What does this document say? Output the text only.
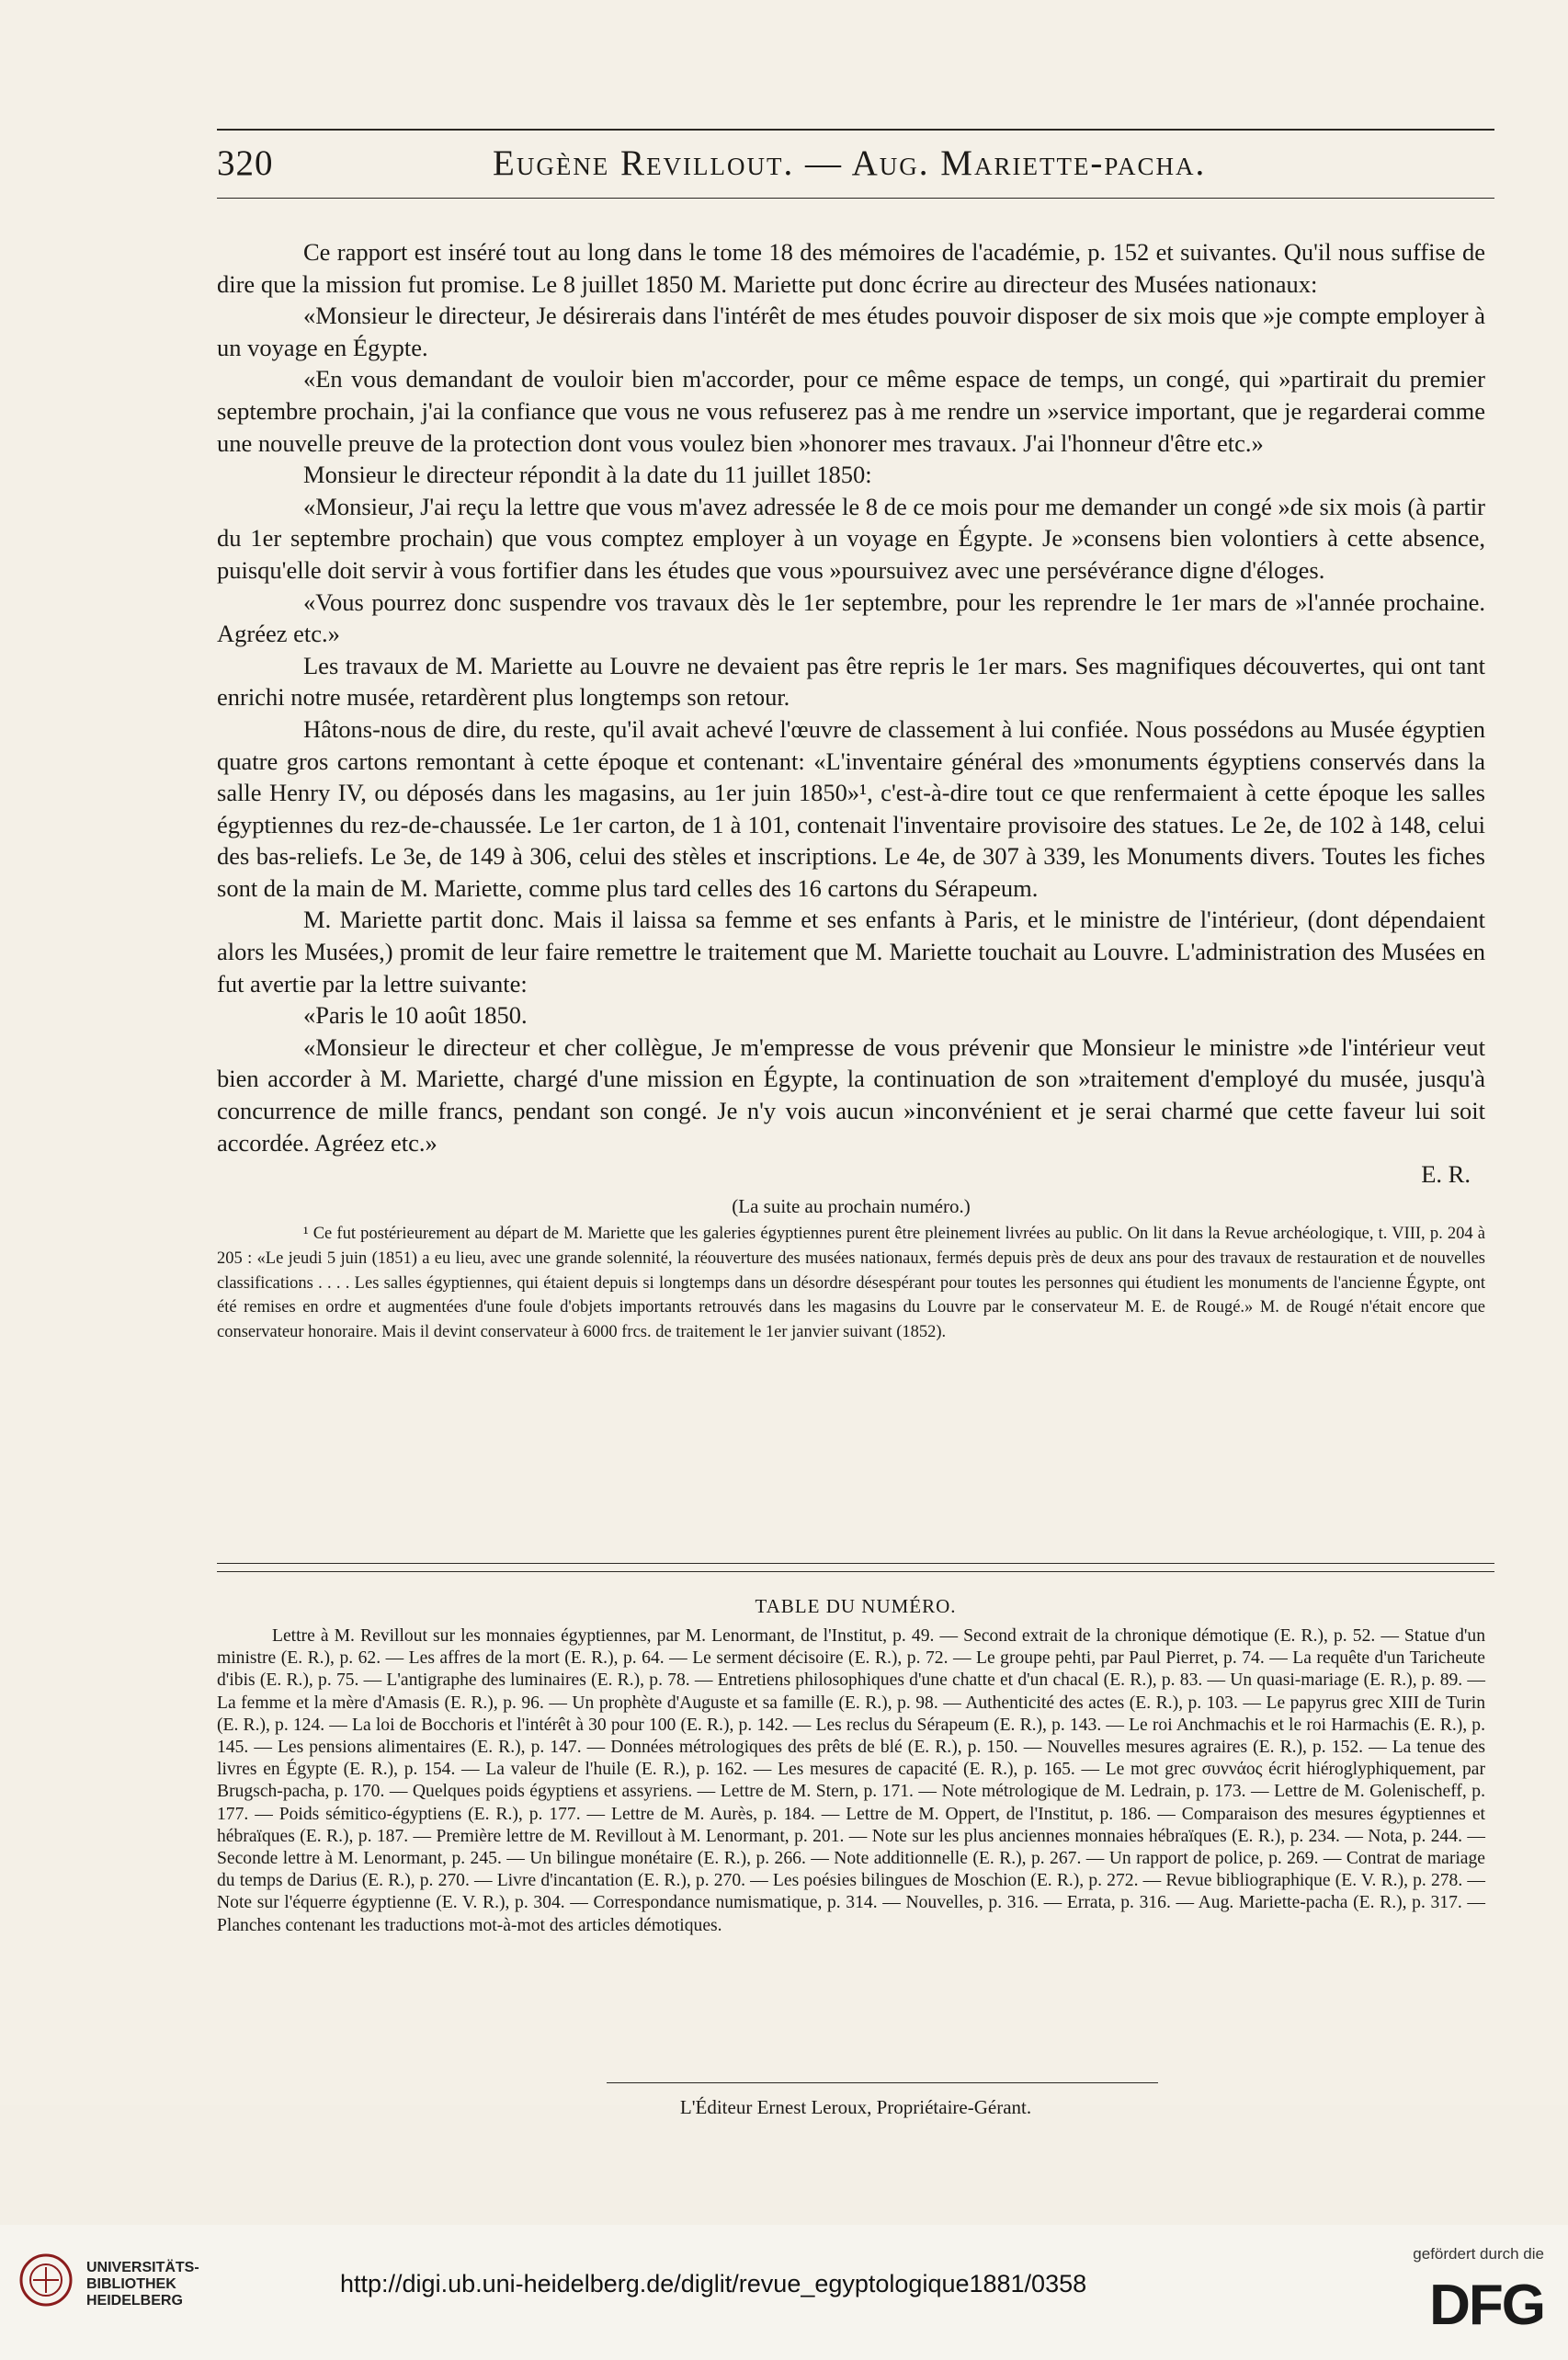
320	Eugène Revillout. — Aug. Mariette-pacha.

Ce rapport est inséré tout au long dans le tome 18 des mémoires de l'académie, p. 152 et suivantes. Qu'il nous suffise de dire que la mission fut promise. Le 8 juillet 1850 M. Mariette put donc écrire au directeur des Musées nationaux:

«Monsieur le directeur, Je désirerais dans l'intérêt de mes études pouvoir disposer de six mois que »je compte employer à un voyage en Égypte.

«En vous demandant de vouloir bien m'accorder, pour ce même espace de temps, un congé, qui »partirait du premier septembre prochain, j'ai la confiance que vous ne vous refuserez pas à me rendre un »service important, que je regarderai comme une nouvelle preuve de la protection dont vous voulez bien »honorer mes travaux. J'ai l'honneur d'être etc.»

Monsieur le directeur répondit à la date du 11 juillet 1850:

«Monsieur, J'ai reçu la lettre que vous m'avez adressée le 8 de ce mois pour me demander un congé »de six mois (à partir du 1er septembre prochain) que vous comptez employer à un voyage en Égypte. Je »consens bien volontiers à cette absence, puisqu'elle doit servir à vous fortifier dans les études que vous »poursuivez avec une persévérance digne d'éloges.

«Vous pourrez donc suspendre vos travaux dès le 1er septembre, pour les reprendre le 1er mars de »l'année prochaine. Agréez etc.»

Les travaux de M. Mariette au Louvre ne devaient pas être repris le 1er mars. Ses magnifiques découvertes, qui ont tant enrichi notre musée, retardèrent plus longtemps son retour.

Hâtons-nous de dire, du reste, qu'il avait achevé l'œuvre de classement à lui confiée. Nous possédons au Musée égyptien quatre gros cartons remontant à cette époque et contenant: «L'inventaire général des »monuments égyptiens conservés dans la salle Henry IV, ou déposés dans les magasins, au 1er juin 1850»¹, c'est-à-dire tout ce que renfermaient à cette époque les salles égyptiennes du rez-de-chaussée. Le 1er carton, de 1 à 101, contenait l'inventaire provisoire des statues. Le 2e, de 102 à 148, celui des bas-reliefs. Le 3e, de 149 à 306, celui des stèles et inscriptions. Le 4e, de 307 à 339, les Monuments divers. Toutes les fiches sont de la main de M. Mariette, comme plus tard celles des 16 cartons du Sérapeum.

M. Mariette partit donc. Mais il laissa sa femme et ses enfants à Paris, et le ministre de l'intérieur, (dont dépendaient alors les Musées,) promit de leur faire remettre le traitement que M. Mariette touchait au Louvre. L'administration des Musées en fut avertie par la lettre suivante:

«Paris le 10 août 1850.

«Monsieur le directeur et cher collègue, Je m'empresse de vous prévenir que Monsieur le ministre »de l'intérieur veut bien accorder à M. Mariette, chargé d'une mission en Égypte, la continuation de son »traitement d'employé du musée, jusqu'à concurrence de mille francs, pendant son congé. Je n'y vois aucun »inconvénient et je serai charmé que cette faveur lui soit accordée. Agréez etc.»

E. R.

(La suite au prochain numéro.)

¹ Ce fut postérieurement au départ de M. Mariette que les galeries égyptiennes purent être pleinement livrées au public. On lit dans la Revue archéologique, t. VIII, p. 204 à 205 : «Le jeudi 5 juin (1851) a eu lieu, avec une grande solennité, la réouverture des musées nationaux, fermés depuis près de deux ans pour des travaux de restauration et de nouvelles classifications . . . . Les salles égyptiennes, qui étaient depuis si longtemps dans un désordre désespérant pour toutes les personnes qui étudient les monuments de l'ancienne Égypte, ont été remises en ordre et augmentées d'une foule d'objets importants retrouvés dans les magasins du Louvre par le conservateur M. E. de Rougé.» M. de Rougé n'était encore que conservateur honoraire. Mais il devint conservateur à 6000 frcs. de traitement le 1er janvier suivant (1852).

TABLE DU NUMÉRO.
Lettre à M. Revillout sur les monnaies égyptiennes, par M. Lenormant, de l'Institut, p. 49. — Second extrait de la chronique démotique (E. R.), p. 52. — Statue d'un ministre (E. R.), p. 62. — Les affres de la mort (E. R.), p. 64. — Le serment décisoire (E. R.), p. 72. — Le groupe pehti, par Paul Pierret, p. 74. — La requête d'un Taricheute d'ibis (E. R.), p. 75. — L'antigraphe des luminaires (E. R.), p. 78. — Entretiens philosophiques d'une chatte et d'un chacal (E. R.), p. 83. — Un quasi-mariage (E. R.), p. 89. — La femme et la mère d'Amasis (E. R.), p. 96. — Un prophète d'Auguste et sa famille (E. R.), p. 98. — Authenticité des actes (E. R.), p. 103. — Le papyrus grec XIII de Turin (E. R.), p. 124. — La loi de Bocchoris et l'intérêt à 30 pour 100 (E. R.), p. 142. — Les reclus du Sérapeum (E. R.), p. 143. — Le roi Anchmachis et le roi Harmachis (E. R.), p. 145. — Les pensions alimentaires (E. R.), p. 147. — Données métrologiques des prêts de blé (E. R.), p. 150. — Nouvelles mesures agraires (E. R.), p. 152. — La tenue des livres en Égypte (E. R.), p. 154. — La valeur de l'huile (E. R.), p. 162. — Les mesures de capacité (E. R.), p. 165. — Le mot grec συννάος écrit hiéroglyphiquement, par Brugsch-pacha, p. 170. — Quelques poids égyptiens et assyriens. — Lettre de M. Stern, p. 171. — Note métrologique de M. Ledrain, p. 173. — Lettre de M. Golenischeff, p. 177. — Poids sémitico-égyptiens (E. R.), p. 177. — Lettre de M. Aurès, p. 184. — Lettre de M. Oppert, de l'Institut, p. 186. — Comparaison des mesures égyptiennes et hébraïques (E. R.), p. 187. — Première lettre de M. Revillout à M. Lenormant, p. 201. — Note sur les plus anciennes monnaies hébraïques (E. R.), p. 234. — Nota, p. 244. — Seconde lettre à M. Lenormant, p. 245. — Un bilingue monétaire (E. R.), p. 266. — Note additionnelle (E. R.), p. 267. — Un rapport de police, p. 269. — Contrat de mariage du temps de Darius (E. R.), p. 270. — Livre d'incantation (E. R.), p. 270. — Les poésies bilingues de Moschion (E. R.), p. 272. — Revue bibliographique (E. V. R.), p. 278. — Note sur l'équerre égyptienne (E. V. R.), p. 304. — Correspondance numismatique, p. 314. — Nouvelles, p. 316. — Errata, p. 316. — Aug. Mariette-pacha (E. R.), p. 317. — Planches contenant les traductions mot-à-mot des articles démotiques.
L'Éditeur Ernest Leroux, Propriétaire-Gérant.
UNIVERSITÄTS-
BIBLIOTHEK
HEIDELBERG
http://digi.ub.uni-heidelberg.de/diglit/revue_egyptologique1881/0358
gefördert durch die
DFG
